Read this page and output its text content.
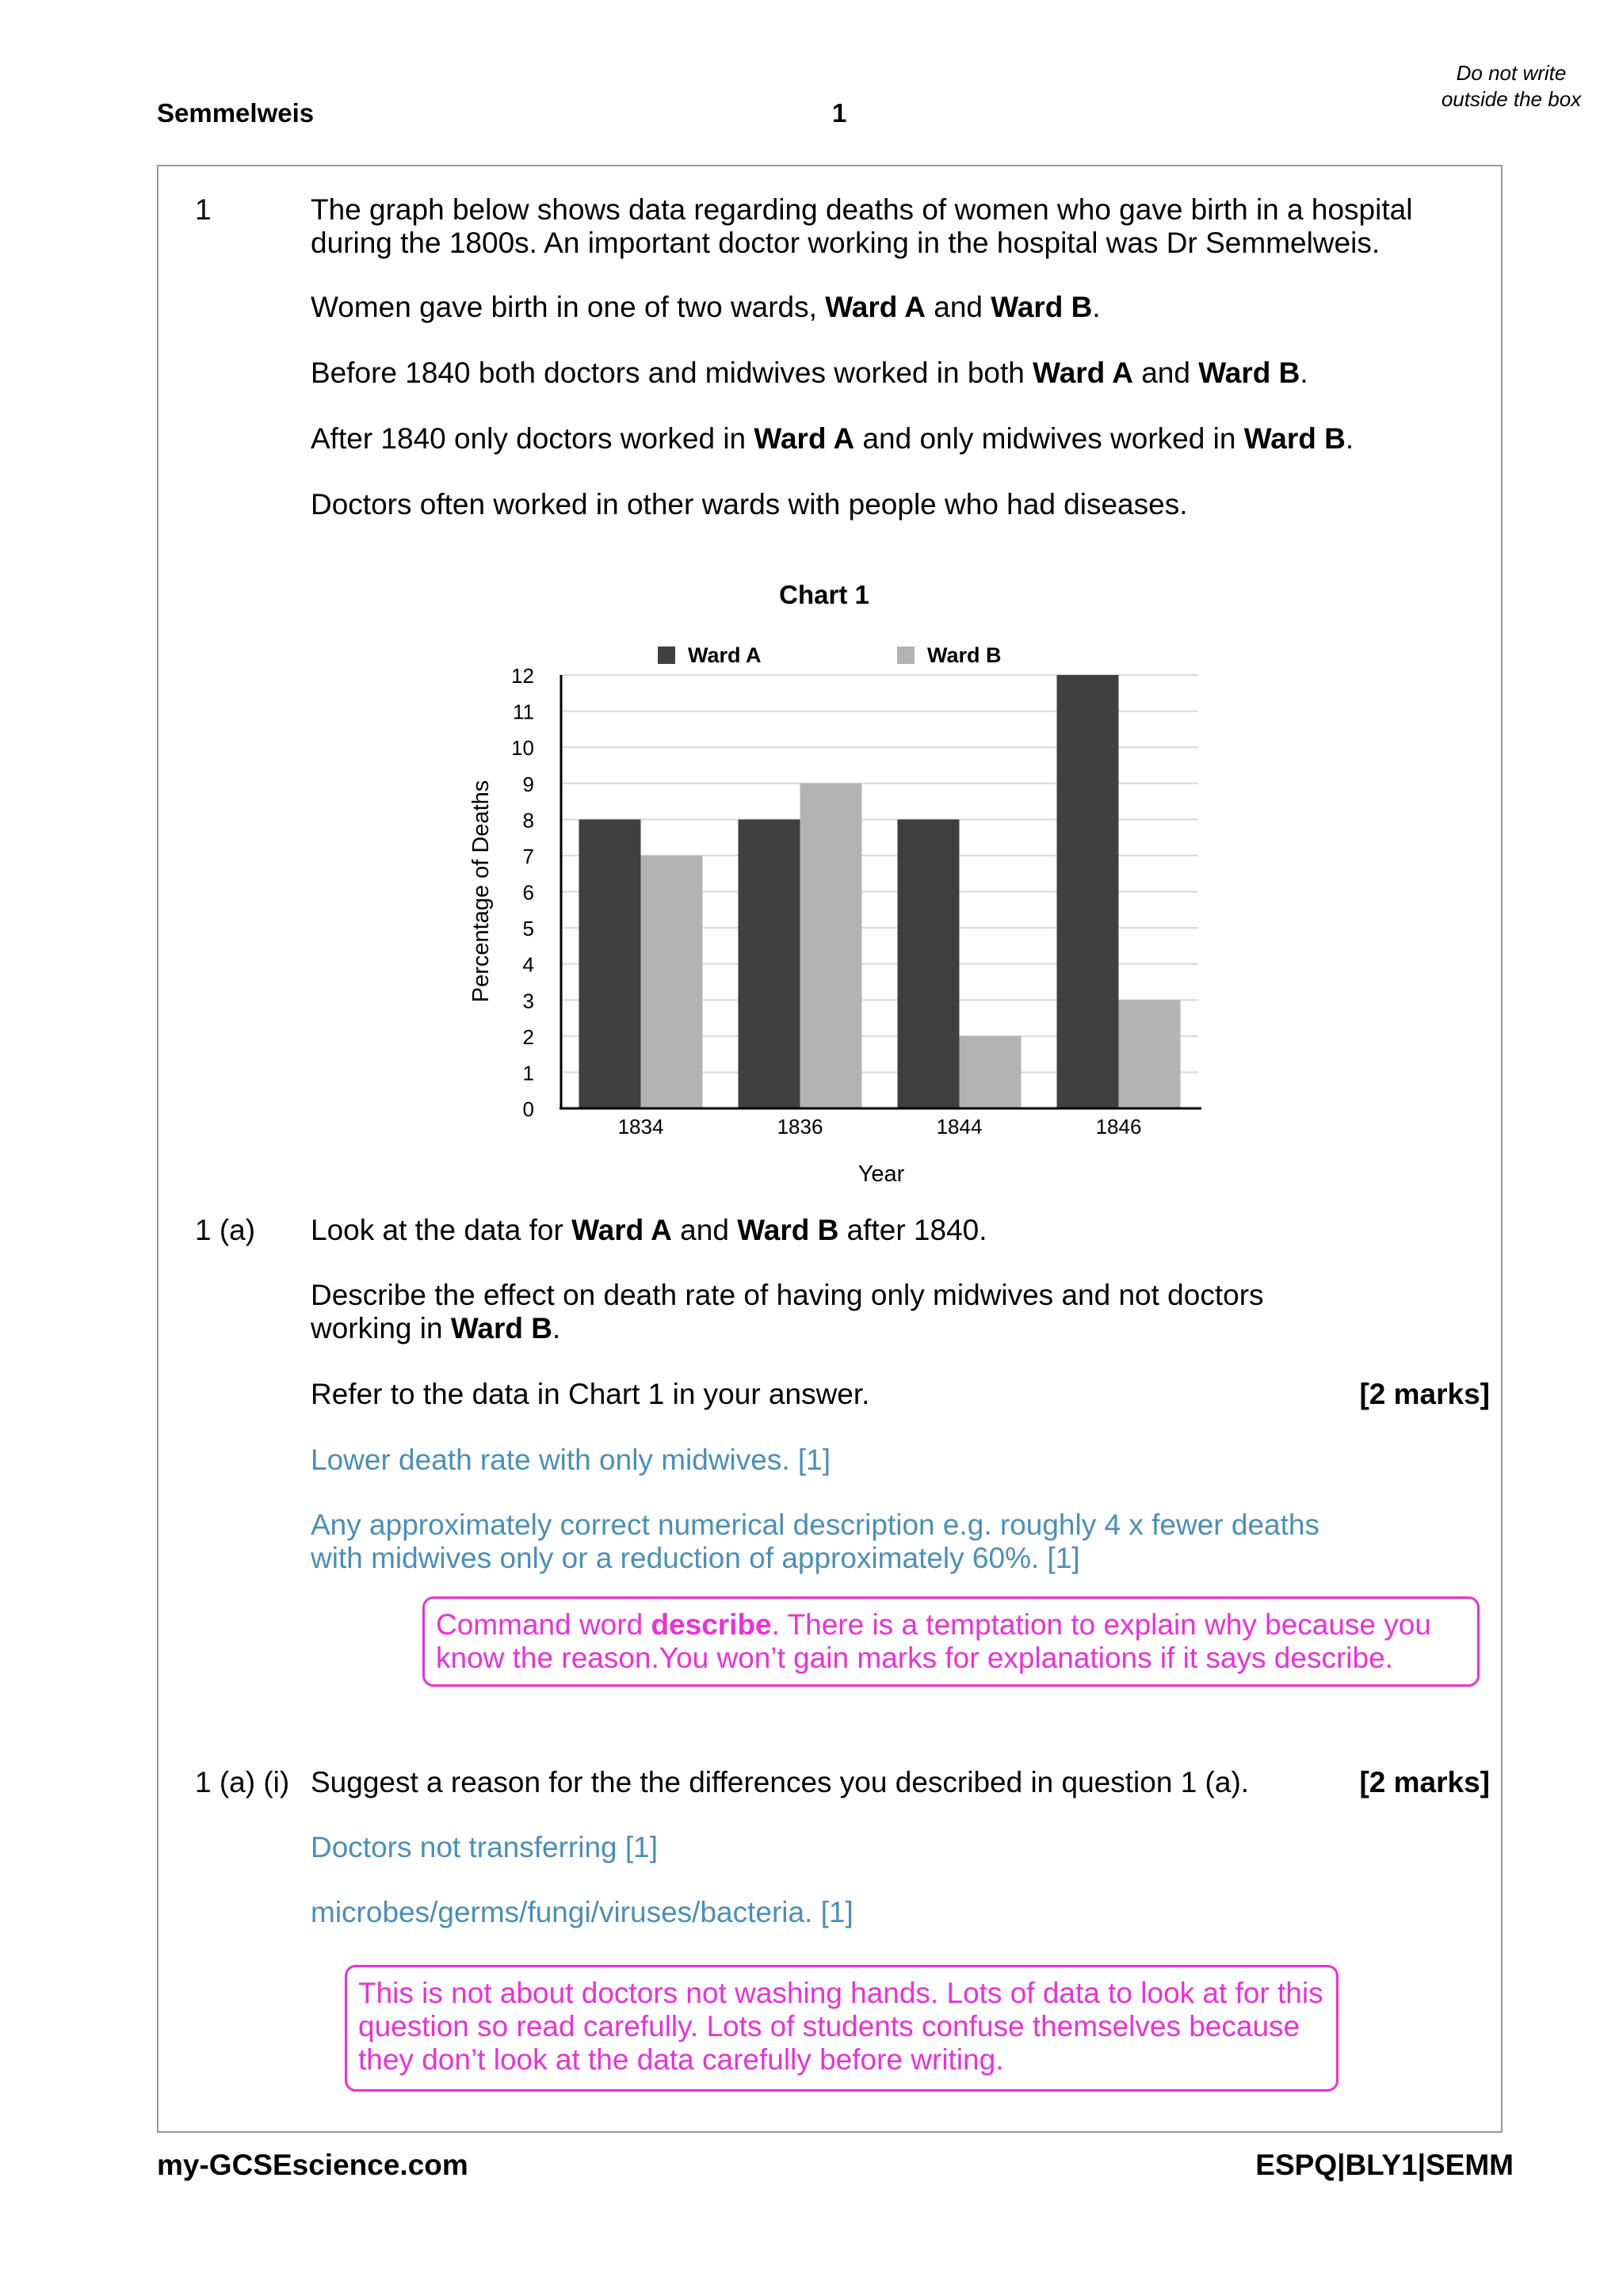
Semmelweis	1
Do not write outside the box
1	The graph below shows data regarding deaths of women who gave birth in a hospital during the 1800s. An important doctor working in the hospital was Dr Semmelweis.
Women gave birth in one of two wards, Ward A and Ward B.
Before 1840 both doctors and midwives worked in both Ward A and Ward B.
After 1840 only doctors worked in Ward A and only midwives worked in Ward B.
Doctors often worked in other wards with people who had diseases.
Chart 1
Ward A	Ward B
0
1
2
3
4
5
6
7
8
9
10
11
12
1834	1836	1844	1846
Year
Percentage of Deaths
1 (a) Look at the data for Ward A and Ward B after 1840.
Describe the effect on death rate of having only midwives and not doctors working in Ward B.
Refer to the data in Chart 1 in your answer.	[2 marks]
Lower death rate with only midwives. [1]
Any approximately correct numerical description e.g. roughly 4 x fewer deaths with midwives only or a reduction of approximately 60%. [1]
Command word describe. There is a temptation to explain why because you know the reason.You won’t gain marks for explanations if it says describe.
1 (a) (i) Suggest a reason for the the differences you described in question 1 (a).	[2 marks]
Doctors not transferring [1]
microbes/germs/fungi/viruses/bacteria. [1]
This is not about doctors not washing hands. Lots of data to look at for this question so read carefully. Lots of students confuse themselves because they don’t look at the data carefully before writing.
my-GCSEscience.com	ESPQ|BLY1|SEMM
